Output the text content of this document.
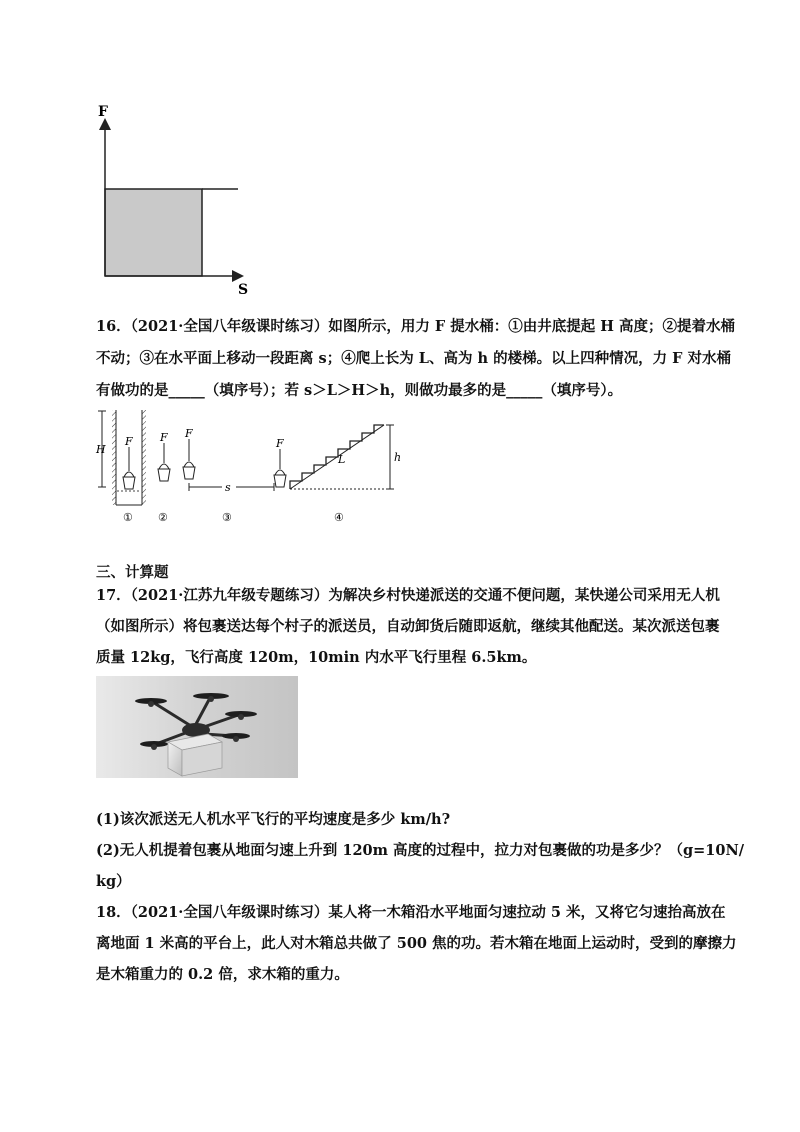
F
S
16．（2021·全国八年级课时练习）如图所示，用力 F 提水桶：①由井底提起 H 高度；②提着水桶
不动；③在水平面上移动一段距离 s；④爬上长为 L、高为 h 的楼梯。以上四种情况，力 F 对水桶
有做功的是_____（填序号）；若 s＞L＞H＞h，则做功最多的是_____（填序号）。
H
F F F
s
F
L	h
① ②	③	④
三、计算题
17．（2021·江苏九年级专题练习）为解决乡村快递派送的交通不便问题，某快递公司采用无人机
（如图所示）将包裹送达每个村子的派送员，自动卸货后随即返航，继续其他配送。某次派送包裹
质量 12kg，飞行高度 120m，10min 内水平飞行里程 6.5km。
(1)该次派送无人机水平飞行的平均速度是多少 km/h?
(2)无人机提着包裹从地面匀速上升到 120m 高度的过程中，拉力对包裹做的功是多少？（g=10N/
kg）
18．（2021·全国八年级课时练习）某人将一木箱沿水平地面匀速拉动 5 米，又将它匀速抬高放在
离地面 1 米高的平台上，此人对木箱总共做了 500 焦的功。若木箱在地面上运动时，受到的摩擦力
是木箱重力的 0.2 倍，求木箱的重力。
